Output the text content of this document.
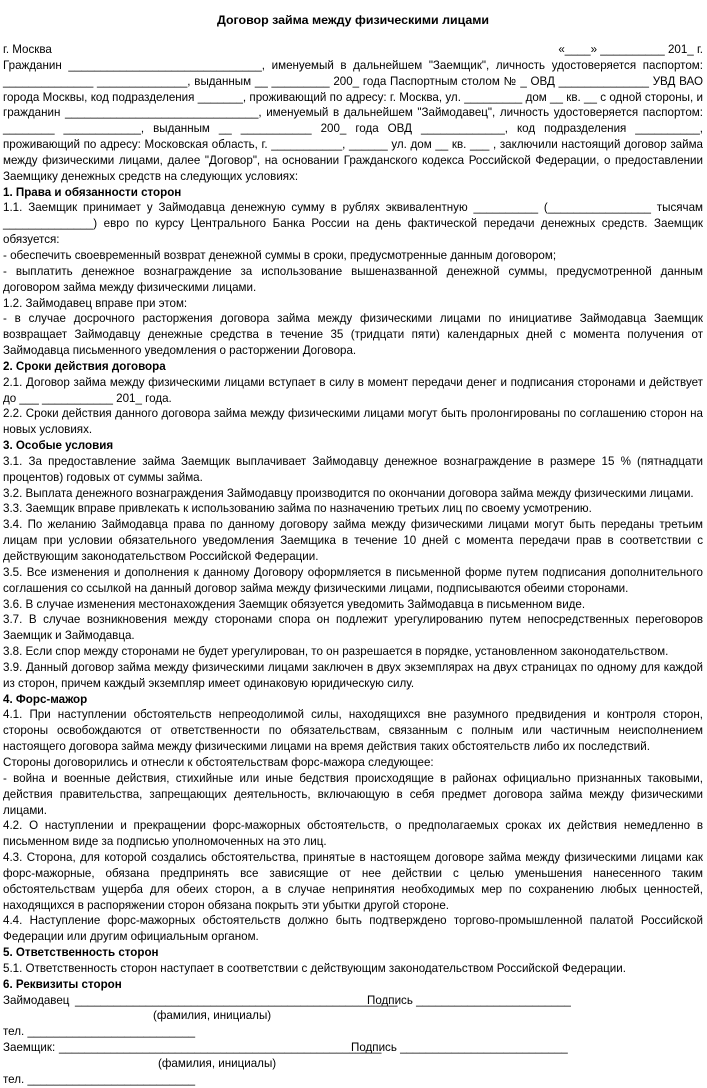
Договор займа между физическими лицами
г. Москва	«____» __________ 201_ г.

Гражданин ______________________________, именуемый в дальнейшем "Заемщик", личность удостоверяется паспортом: ______________ ______________, выданным __ _________ 200_ года Паспортным столом № _ ОВД ______________ УВД ВАО города Москвы, код подразделения _______, проживающий по адресу: г. Москва, ул. _________ дом __ кв. __ с одной стороны, и гражданин ______________________________, именуемый в дальнейшем "Займодавец", личность удостоверяется паспортом: ________ ____________, выданным __ ___________ 200_ года ОВД _____________, код подразделения __________, проживающий по адресу: Московская область, г. ___________, ______ ул. дом __ кв. ___ , заключили настоящий договор займа между физическими лицами, далее "Договор", на основании Гражданского кодекса Российской Федерации, о предоставлении Заемщику денежных средств на следующих условиях:

1. Права и обязанности сторон

1.1. Заемщик принимает у Займодавца денежную сумму в рублях эквивалентную __________ (________________ тысячам ______________) евро по курсу Центрального Банка России на день фактической передачи денежных средств. Заемщик обязуется:

- обеспечить своевременный возврат денежной суммы в сроки, предусмотренные данным договором;

- выплатить денежное вознаграждение за использование вышеназванной денежной суммы, предусмотренной данным договором займа между физическими лицами.

1.2. Займодавец вправе при этом:

- в случае досрочного расторжения договора займа между физическими лицами по инициативе Займодавца Заемщик возвращает Займодавцу денежные средства в течение 35 (тридцати пяти) календарных дней с момента получения от Займодавца письменного уведомления о расторжении Договора.

2. Сроки действия договора

2.1. Договор займа между физическими лицами вступает в силу в момент передачи денег и подписания сторонами и действует до ___ ___________ 201_ года.

2.2. Сроки действия данного договора займа между физическими лицами могут быть пролонгированы по соглашению сторон на новых условиях.

3. Особые условия

3.1. За предоставление займа Заемщик выплачивает Займодавцу денежное вознаграждение в размере 15 % (пятнадцати процентов) годовых от суммы займа.

3.2. Выплата денежного вознаграждения Займодавцу производится по окончании договора займа между физическими лицами.

3.3. Заемщик вправе привлекать к использованию займа по назначению третьих лиц по своему усмотрению.

3.4. По желанию Займодавца права по данному договору займа между физическими лицами могут быть переданы третьим лицам при условии обязательного уведомления Заемщика в течение 10 дней с момента передачи прав в соответствии с действующим законодательством Российской Федерации.

3.5. Все изменения и дополнения к данному Договору оформляется в письменной форме путем подписания дополнительного соглашения со ссылкой на данный договор займа между физическими лицами, подписываются обеими сторонами.

3.6. В случае изменения местонахождения Заемщик обязуется уведомить Займодавца в письменном виде.

3.7. В случае возникновения между сторонами спора он подлежит урегулированию путем непосредственных переговоров Заемщик и Займодавца.

3.8. Если спор между сторонами не будет урегулирован, то он разрешается в порядке, установленном законодательством.

3.9. Данный договор займа между физическими лицами заключен в двух экземплярах на двух страницах по одному для каждой из сторон, причем каждый экземпляр имеет одинаковую юридическую силу.

4. Форс-мажор

4.1. При наступлении обстоятельств непреодолимой силы, находящихся вне разумного предвидения и контроля сторон, стороны освобождаются от ответственности по обязательствам, связанным с полным или частичным неисполнением настоящего договора займа между физическими лицами на время действия таких обстоятельств либо их последствий.

Стороны договорились и отнесли к обстоятельствам форс-мажора следующее:

- война и военные действия, стихийные или иные бедствия происходящие в районах официально признанных таковыми, действия правительства, запрещающих деятельность, включающую в себя предмет договора займа между физическими лицами.

4.2. О наступлении и прекращении форс-мажорных обстоятельств, о предполагаемых сроках их действия немедленно в письменном виде за подписью уполномоченных на это лиц.

4.3. Сторона, для которой создались обстоятельства, принятые в настоящем договоре займа между физическими лицами как форс-мажорные, обязана предпринять все зависящие от нее действии с целью уменьшения нанесенного таким обстоятельствам ущерба для обеих сторон, а в случае непринятия необходимых мер по сохранению любых ценностей, находящихся в распоряжении сторон обязана покрыть эти убытки другой стороне.

4.4. Наступление форс-мажорных обстоятельств должно быть подтверждено торгово-промышленной палатой Российской Федерации или другим официальным органом.

5. Ответственность сторон

5.1. Ответственность сторон наступает в соответствии с действующим законодательством Российской Федерации.

6. Реквизиты сторон
Займодавец __________________________________________________
Подпись ________________________
(фамилия, инициалы)
тел. __________________________
Заемщик: __________________________________________________
Подпись __________________________
(фамилия, инициалы)
тел. __________________________
